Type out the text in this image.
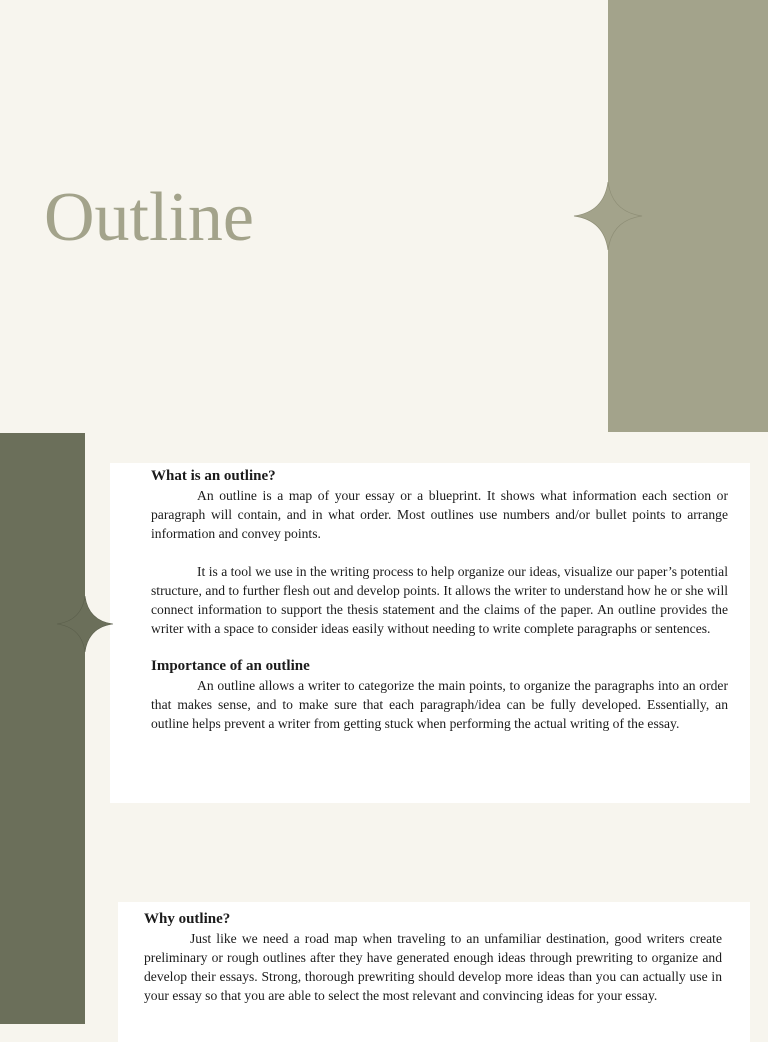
Outline
What is an outline?

An outline is a map of your essay or a blueprint. It shows what information each section or paragraph will contain, and in what order. Most outlines use numbers and/or bullet points to arrange information and convey points.

It is a tool we use in the writing process to help organize our ideas, visualize our paper’s potential structure, and to further flesh out and develop points. It allows the writer to understand how he or she will connect information to support the thesis statement and the claims of the paper. An outline provides the writer with a space to consider ideas easily without needing to write complete paragraphs or sentences.

Importance of an outline

An outline allows a writer to categorize the main points, to organize the paragraphs into an order that makes sense, and to make sure that each paragraph/idea can be fully developed. Essentially, an outline helps prevent a writer from getting stuck when performing the actual writing of the essay.

Why outline?

Just like we need a road map when traveling to an unfamiliar destination, good writers create preliminary or rough outlines after they have generated enough ideas through prewriting to organize and develop their essays. Strong, thorough prewriting should develop more ideas than you can actually use in your essay so that you are able to select the most relevant and convincing ideas for your essay.
